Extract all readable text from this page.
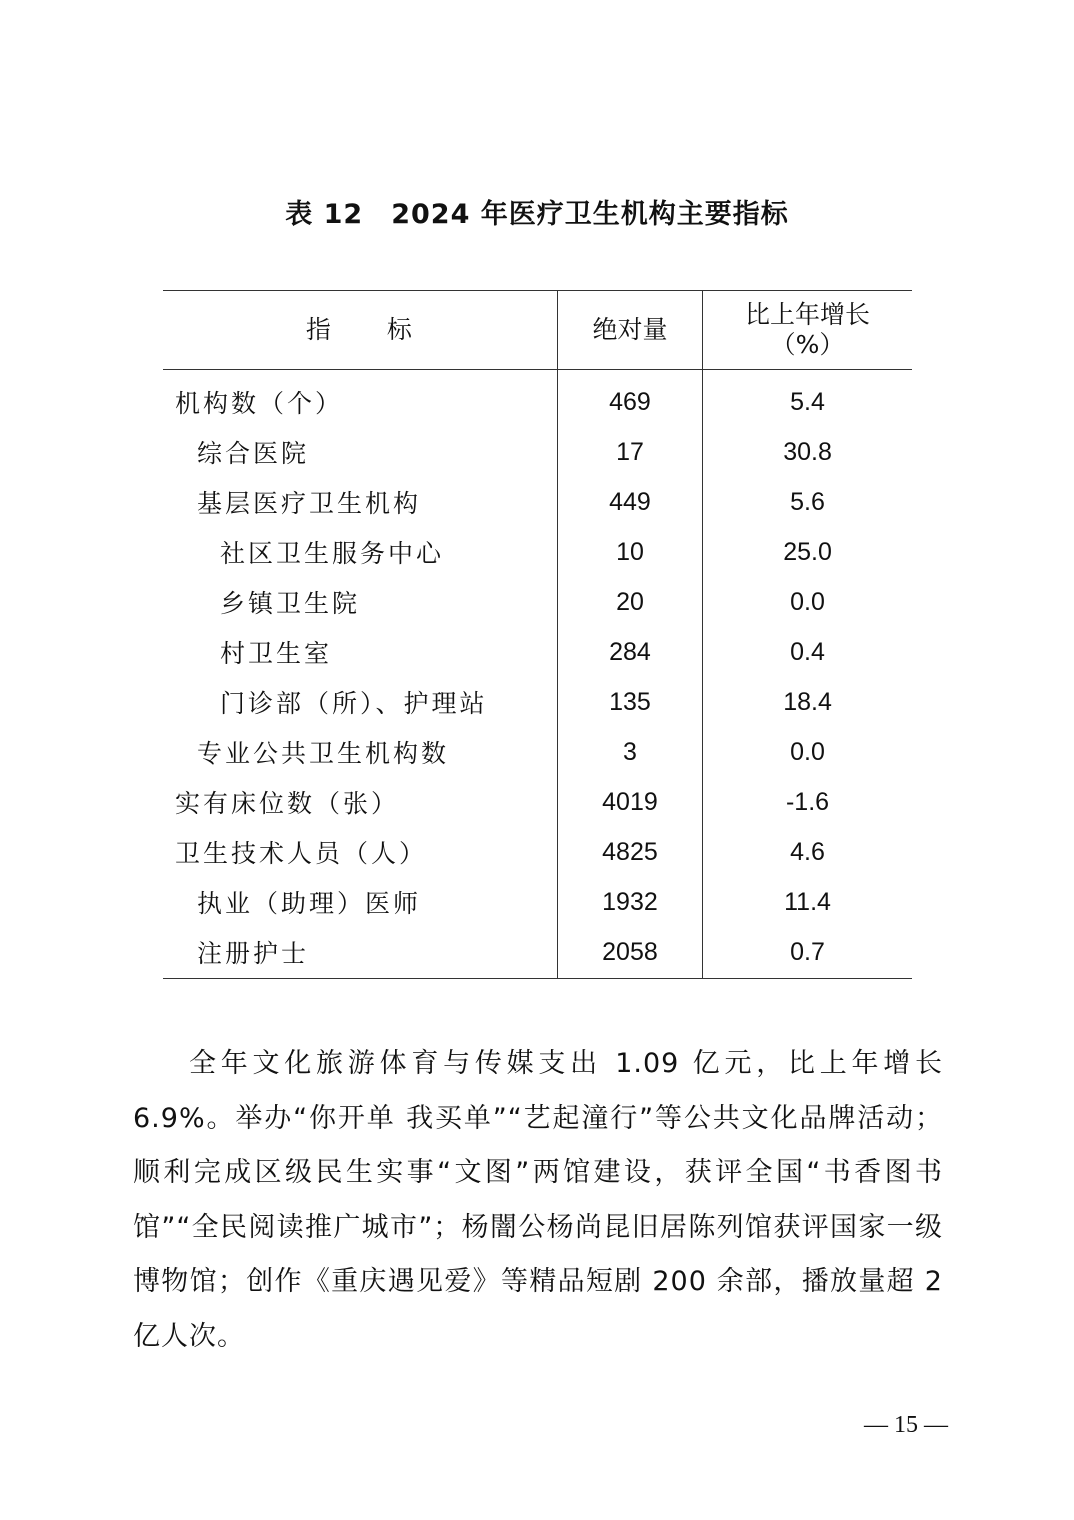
表 12　2024 年医疗卫生机构主要指标
指　　标	绝对量	比上年增长
（%）

机构数（个）	469	5.4
综合医院	17	30.8
基层医疗卫生机构	449	5.6
社区卫生服务中心	10	25.0
乡镇卫生院	20	0.0
村卫生室	284	0.4
门诊部（所）、护理站	135	18.4
专业公共卫生机构数	3	0.0
实有床位数（张）	4019	-1.6
卫生技术人员（人）	4825	4.6
执业（助理）医师	1932	11.4
注册护士	2058	0.7

全年文化旅游体育与传媒支出 1.09 亿元，比上年增长 6.9%。举办“你开单 我买单”“艺起潼行”等公共文化品牌活动；顺利完成区级民生实事“文图”两馆建设，获评全国“书香图书馆”“全民阅读推广城市”；杨闇公杨尚昆旧居陈列馆获评国家一级博物馆；创作《重庆遇见爱》等精品短剧 200 余部，播放量超 2 亿人次。

— 15 —
